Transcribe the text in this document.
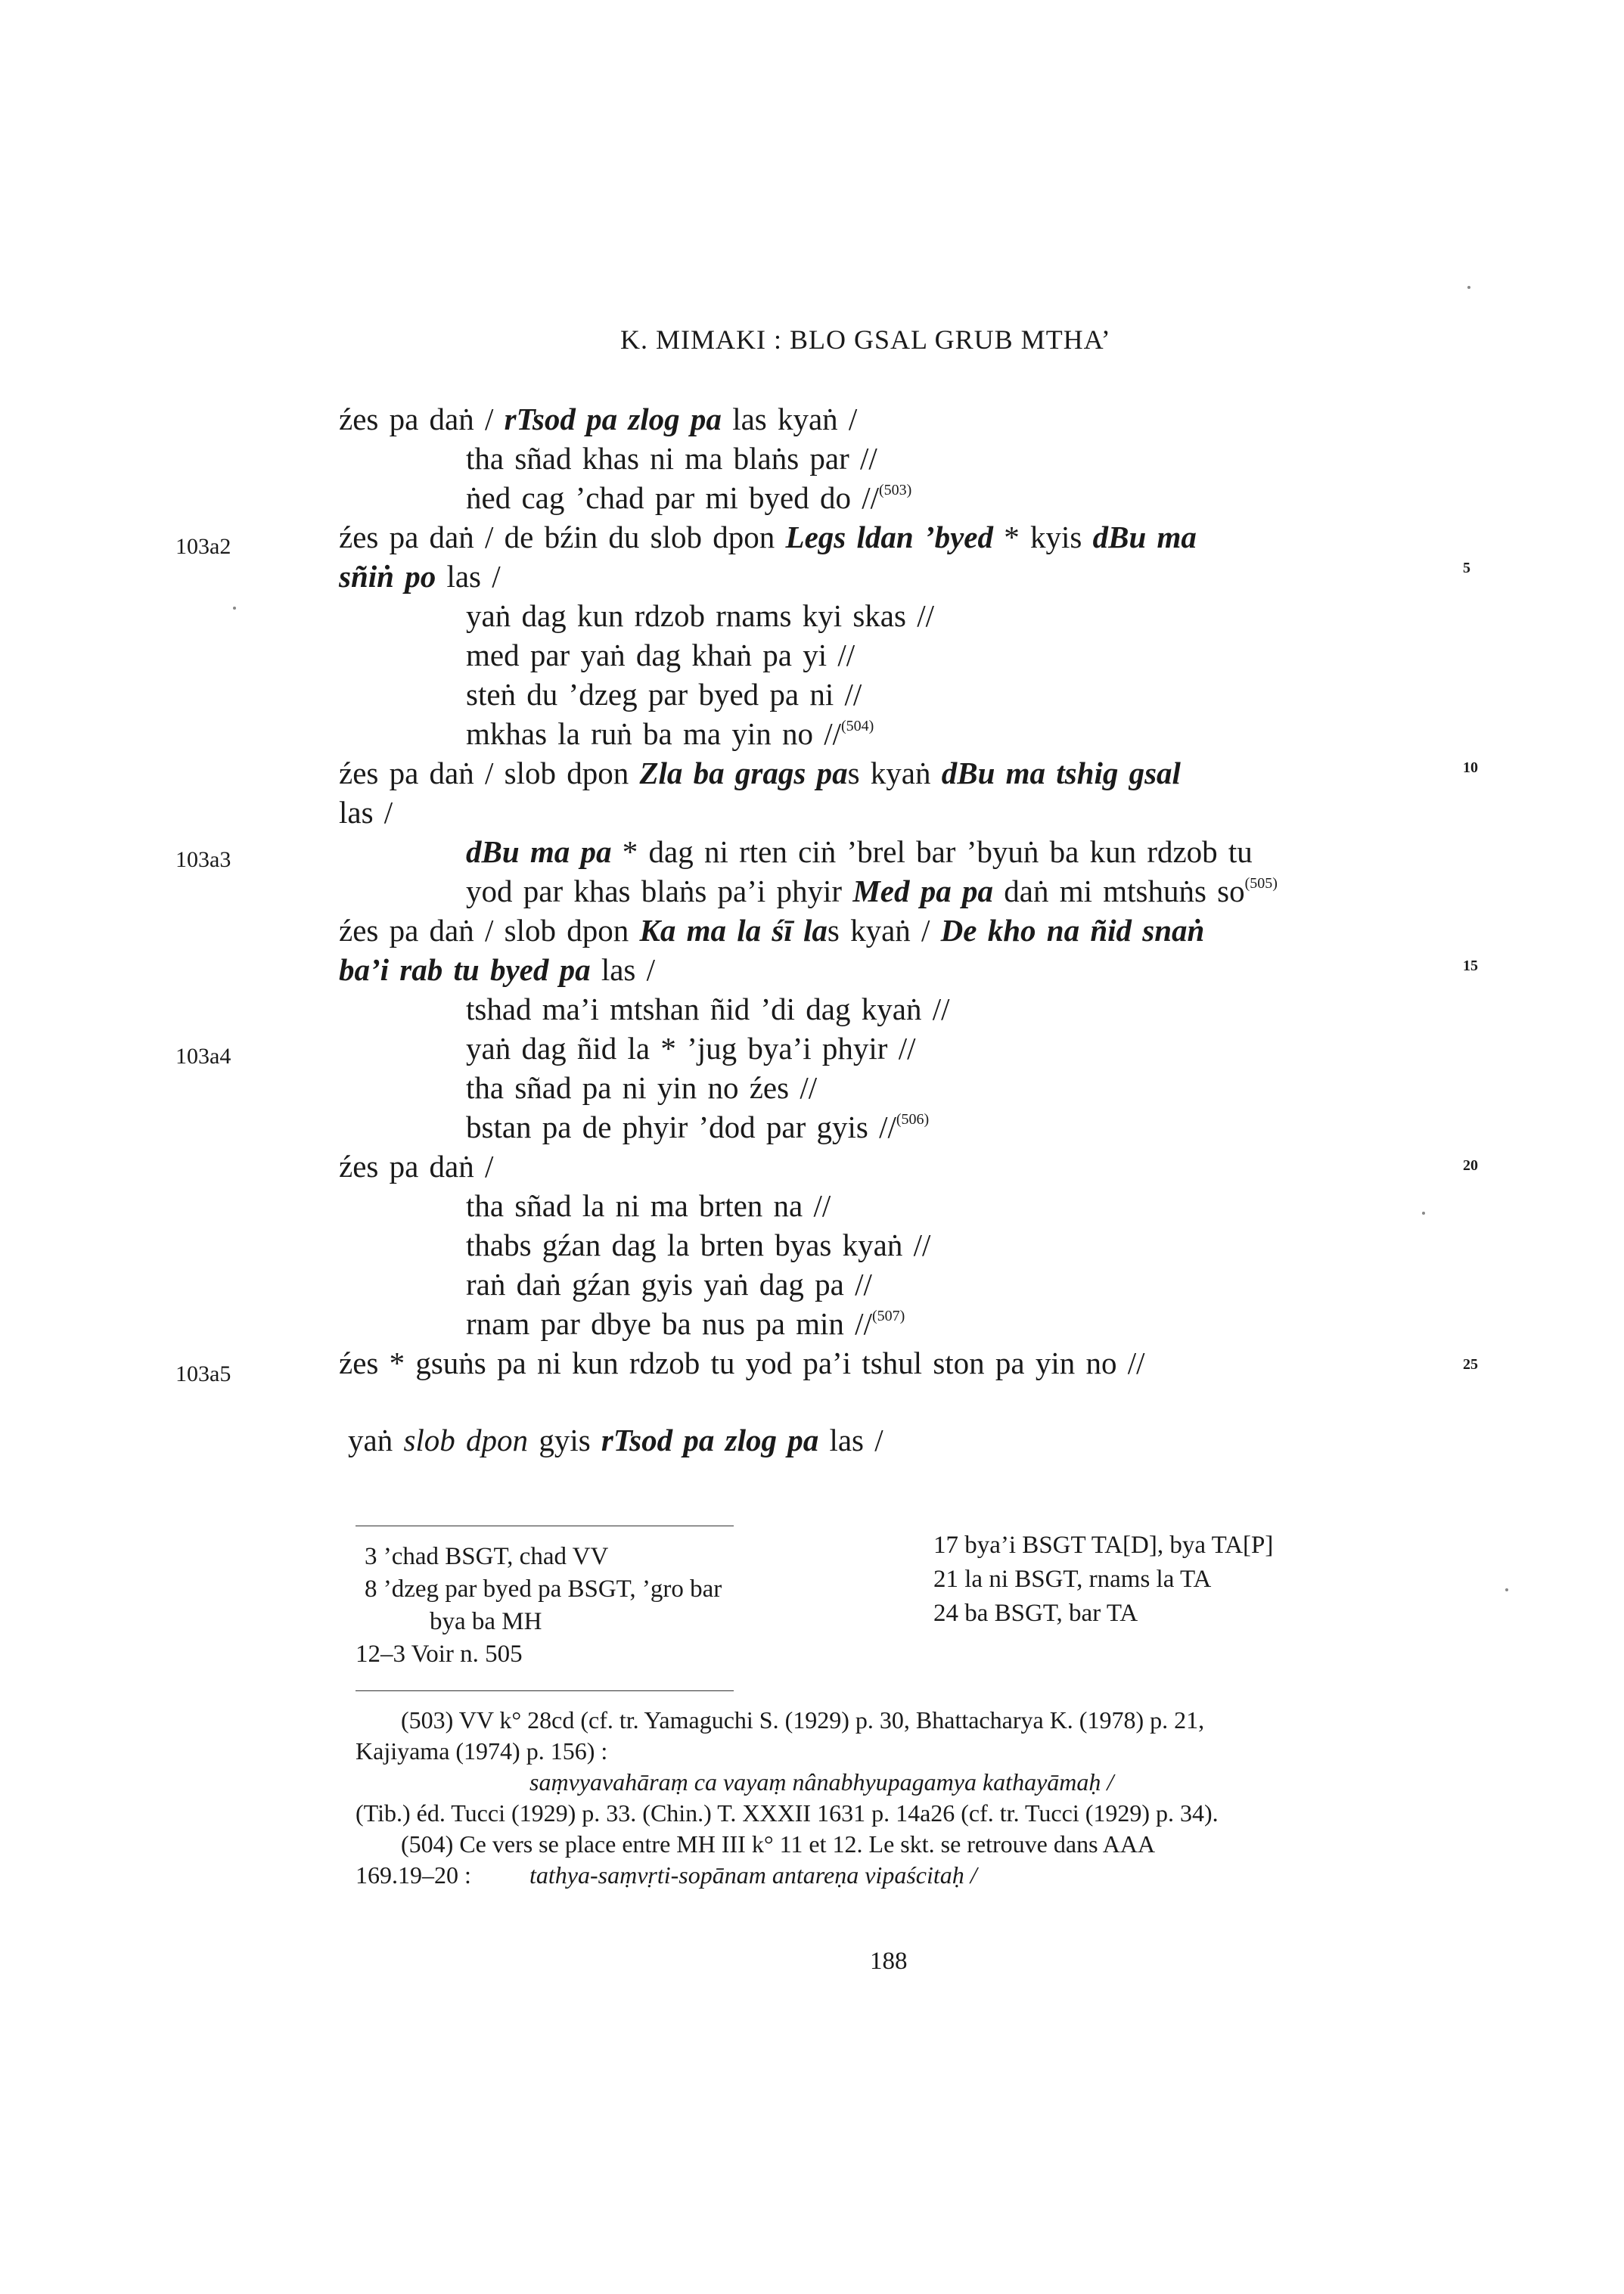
K. MIMAKI : BLO GSAL GRUB MTHA’
103a2
103a3
103a4
103a5
5
10
15
20
25
źes pa daṅ / rTsod pa zlog pa las kyaṅ /
tha sñad khas ni ma blaṅs par //
ṅed cag ’chad par mi byed do //$^{(503)}$
źes pa daṅ / de bźin du slob dpon Legs ldan ’byed * kyis dBu ma
sñiṅ po las /
yaṅ dag kun rdzob rnams kyi skas //
med par yaṅ dag khaṅ pa yi //
steṅ du ’dzeg par byed pa ni //
mkhas la ruṅ ba ma yin no //$^{(504)}$
źes pa daṅ / slob dpon Zla ba grags pas kyaṅ dBu ma tshig gsal
las /
dBu ma pa * dag ni rten ciṅ ’brel bar ’byuṅ ba kun rdzob tu
yod par khas blaṅs pa’i phyir Med pa pa daṅ mi mtshuṅs $so^{(505)}$
źes pa daṅ / slob dpon Ka ma la śī las kyaṅ / De kho na ñid snaṅ
ba’i rab tu byed pa las /
tshad ma’i mtshan ñid ’di dag kyaṅ //
yaṅ dag ñid la * ’jug bya’i phyir //
tha sñad pa ni yin no źes //
bstan pa de phyir ’dod par gyis //$^{(506)}$
źes pa daṅ /
tha sñad la ni ma brten na //
thabs gźan dag la brten byas kyaṅ //
raṅ daṅ gźan gyis yaṅ dag pa //
rnam par dbye ba nus pa min //$^{(507)}$
źes * gsuṅs pa ni kun rdzob tu yod pa’i tshul ston pa yin no //
yaṅ slob dpon gyis rTsod pa zlog pa las /
3 ’chad BSGT, chad VV
8 ’dzeg par byed pa BSGT, ’gro bar
bya ba MH
12–3 Voir n. 505
17 bya’i BSGT TA[D], bya TA[P]
21 la ni BSGT, rnams la TA
24 ba BSGT, bar TA
(503) VV k° 28cd (cf. tr. Yamaguchi S. (1929) p. 30, Bhattacharya K. (1978) p. 21,
Kajiyama (1974) p. 156) :
saṃvyavahāraṃ ca vayaṃ nânabhyupagamya kathayāmaḥ /
(Tib.) éd. Tucci (1929) p. 33. (Chin.) T. XXXII 1631 p. 14a26 (cf. tr. Tucci (1929) p. 34).
(504) Ce vers se place entre MH III k° 11 et 12. Le skt. se retrouve dans AAA
169.19–20 : tathya-saṃvṛti-sopānam antareṇa vipaścitaḥ /
188
